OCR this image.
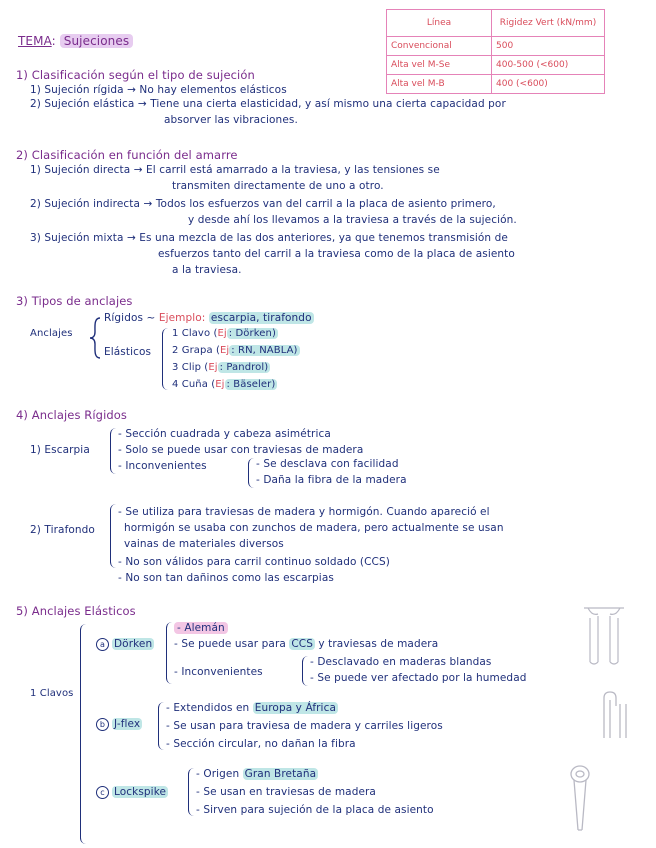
TEMA: Sujeciones
Línea	Rigidez Vert (kN/mm)
Convencional	500
Alta vel M-Se	400-500 (<600)
Alta vel M-B	400 (<600)
1) Clasificación según el tipo de sujeción
1) Sujeción rígida → No hay elementos elásticos
2) Sujeción elástica → Tiene una cierta elasticidad, y así mismo una cierta capacidad por
absorver las vibraciones.
2) Clasificación en función del amarre
1) Sujeción directa → El carril está amarrado a la traviesa, y las tensiones se
transmiten directamente de uno a otro.
2) Sujeción indirecta → Todos los esfuerzos van del carril a la placa de asiento primero,
y desde ahí los llevamos a la traviesa a través de la sujeción.
3) Sujeción mixta → Es una mezcla de las dos anteriores, ya que tenemos transmisión de
esfuerzos tanto del carril a la traviesa como de la placa de asiento
a la traviesa.
3) Tipos de anclajes
Anclajes
Rígidos ~ Ejemplo: escarpia, tirafondo
Elásticos
1 Clavo (Ej : Dörken)
2 Grapa (Ej : RN, NABLA)
3 Clip (Ej : Pandrol)
4 Cuña (Ej : Bäseler)
4) Anclajes Rígidos
1) Escarpia
- Sección cuadrada y cabeza asimétrica
- Solo se puede usar con traviesas de madera
- Inconvenientes	- Se desclava con facilidad
- Daña la fibra de la madera
2) Tirafondo
- Se utiliza para traviesas de madera y hormigón. Cuando apareció el
hormigón se usaba con zunchos de madera, pero actualmente se usan
vainas de materiales diversos
- No son válidos para carril continuo soldado (CCS)
- No son tan dañinos como las escarpias
5) Anclajes Elásticos
1 Clavos
a Dörken
- Alemán
- Se puede usar para CCS y traviesas de madera
- Inconvenientes
- Desclavado en maderas blandas
- Se puede ver afectado por la humedad
b J-flex
- Extendidos en Europa y África
- Se usan para traviesa de madera y carriles ligeros
- Sección circular, no dañan la fibra
c Lockspike
- Origen Gran Bretaña
- Se usan en traviesas de madera
- Sirven para sujeción de la placa de asiento
